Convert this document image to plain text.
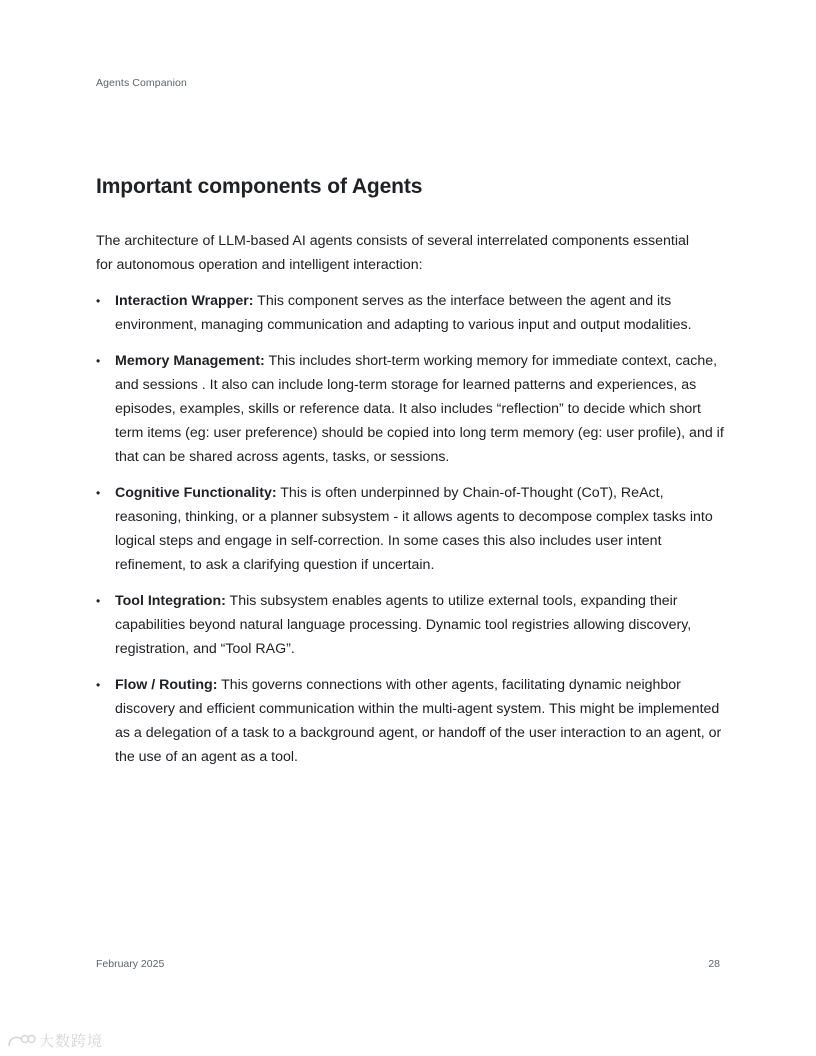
Agents Companion
Important components of Agents

The architecture of LLM-based AI agents consists of several interrelated components essential for autonomous operation and intelligent interaction:

•	Interaction Wrapper: This component serves as the interface between the agent and its environment, managing communication and adapting to various input and output modalities.
•	Memory Management: This includes short-term working memory for immediate context, cache, and sessions . It also can include long-term storage for learned patterns and experiences, as episodes, examples, skills or reference data. It also includes “reflection” to decide which short term items (eg: user preference) should be copied into long term memory (eg: user profile), and if that can be shared across agents, tasks, or sessions.
•	Cognitive Functionality: This is often underpinned by Chain-of-Thought (CoT), ReAct, reasoning, thinking, or a planner subsystem - it allows agents to decompose complex tasks into logical steps and engage in self-correction. In some cases this also includes user intent refinement, to ask a clarifying question if uncertain.
•	Tool Integration: This subsystem enables agents to utilize external tools, expanding their capabilities beyond natural language processing. Dynamic tool registries allowing discovery, registration, and “Tool RAG”.
•	Flow / Routing: This governs connections with other agents, facilitating dynamic neighbor discovery and efficient communication within the multi-agent system. This might be implemented as a delegation of a task to a background agent, or handoff of the user interaction to an agent, or the use of an agent as a tool.
February 2025	28
大数跨境
